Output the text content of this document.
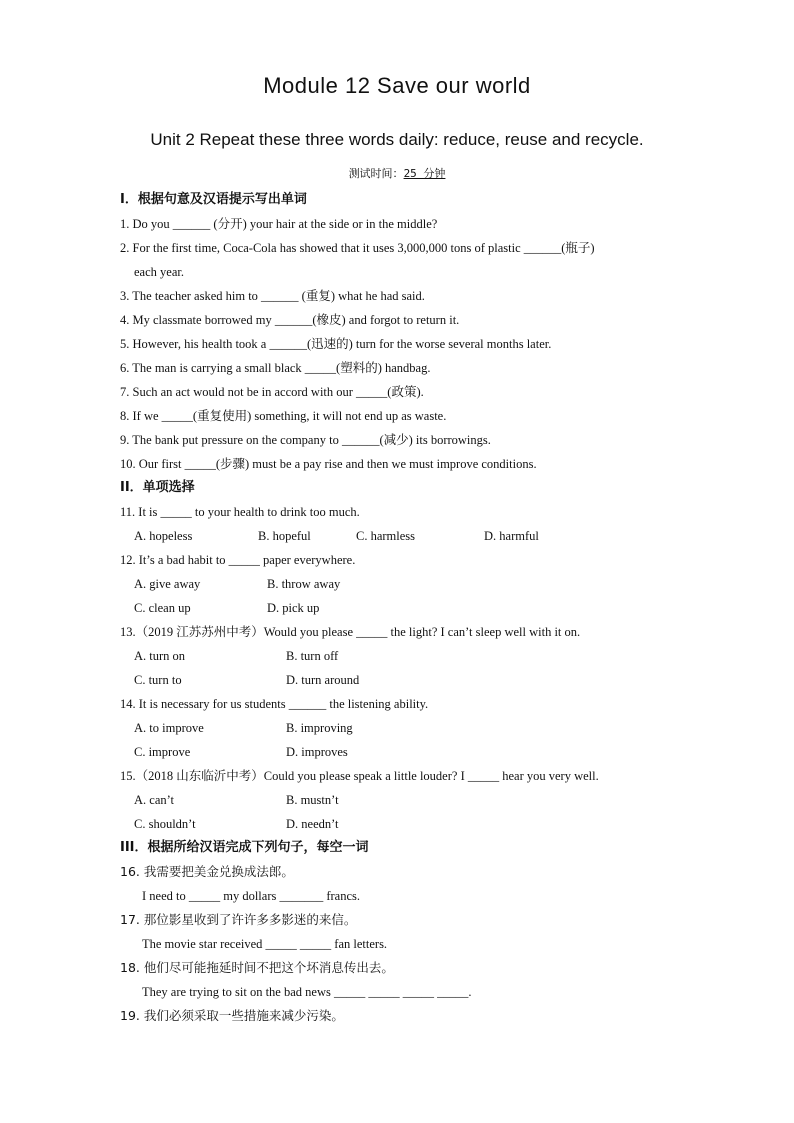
Module 12 Save our world
Unit 2 Repeat these three words daily: reduce, reuse and recycle.
测试时间：25 分钟
I．根据句意及汉语提示写出单词
1. Do you ______ (分开) your hair at the side or in the middle?
2. For the first time, Coca-Cola has showed that it uses 3,000,000 tons of plastic ______(瓶子)
each year.
3. The teacher asked him to ______ (重复) what he had said.
4. My classmate borrowed my ______(橡皮) and forgot to return it.
5. However, his health took a ______(迅速的) turn for the worse several months later.
6. The man is carrying a small black _____(塑料的) handbag.
7. Such an act would not be in accord with our _____(政策).
8. If we _____(重复使用) something, it will not end up as waste.
9. The bank put pressure on the company to ______(减少) its borrowings.
10. Our first _____(步骤) must be a pay rise and then we must improve conditions.
II．单项选择
11. It is _____ to your health to drink too much.
A. hopeless	B. hopeful	C. harmless	D. harmful
12. It’s a bad habit to _____ paper everywhere.
A. give away	B. throw away
C. clean up	D. pick up
13.（2019 江苏苏州中考）Would you please _____ the light? I can’t sleep well with it on.
A. turn on	B. turn off
C. turn to	D. turn around
14. It is necessary for us students ______ the listening ability.
A. to improve	B. improving
C. improve	D. improves
15.（2018 山东临沂中考）Could you please speak a little louder? I _____ hear you very well.
A. can’t	B. mustn’t
C. shouldn’t	D. needn’t
III．根据所给汉语完成下列句子，每空一词
16. 我需要把美金兑换成法郎。
I need to _____ my dollars _______ francs.
17. 那位影星收到了许许多多影迷的来信。
The movie star received _____ _____ fan letters.
18. 他们尽可能拖延时间不把这个坏消息传出去。
They are trying to sit on the bad news _____ _____ _____ _____.
19. 我们必须采取一些措施来减少污染。
